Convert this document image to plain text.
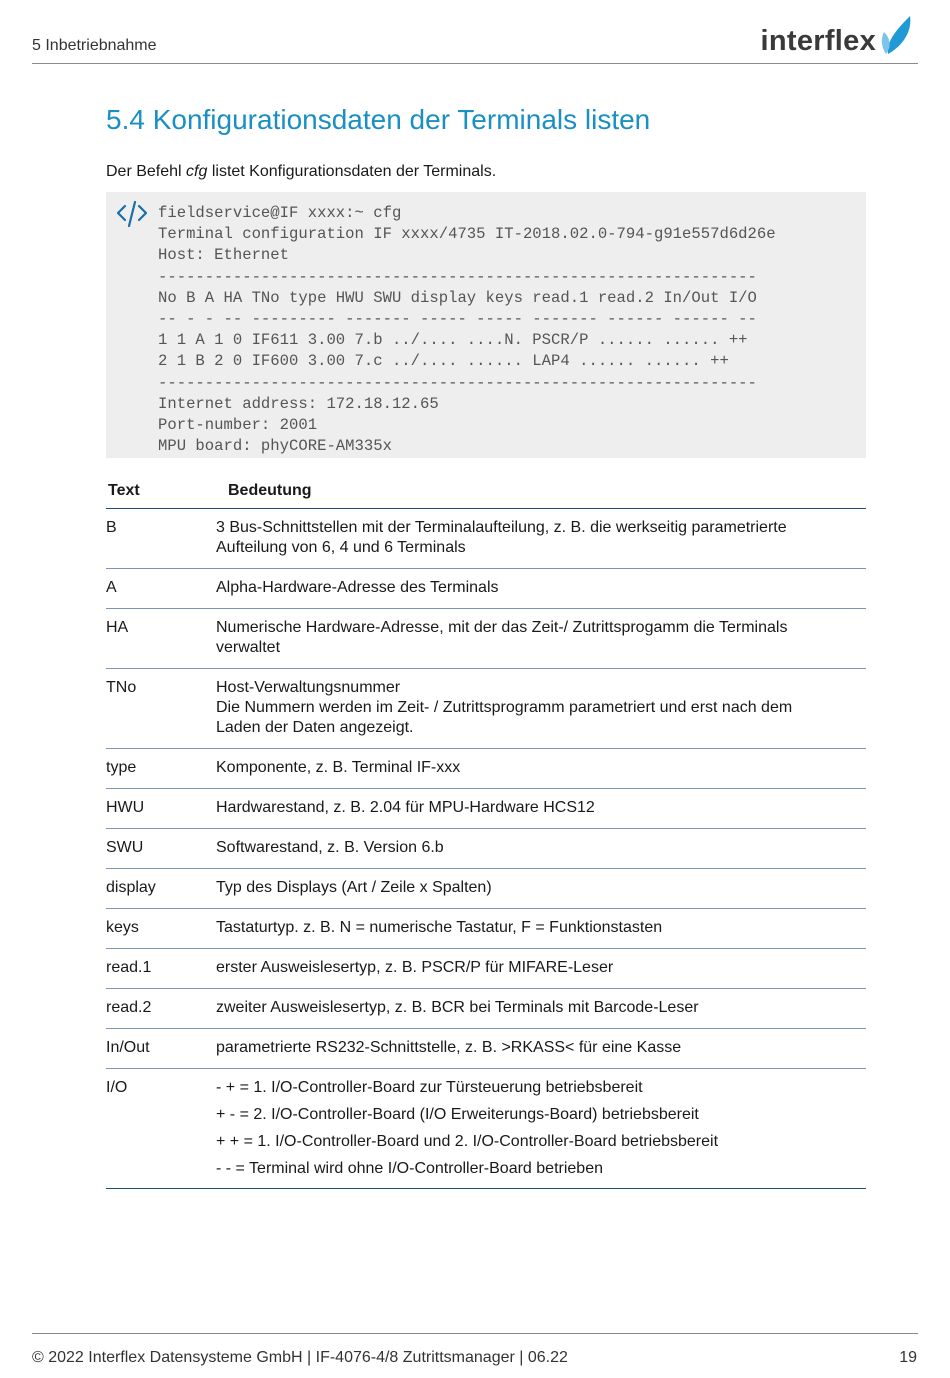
5 Inbetriebnahme	interflex
5.4 Konfigurationsdaten der Terminals listen
Der Befehl cfg listet Konfigurationsdaten der Terminals.
fieldservice@IF xxxx:~ cfg
Terminal configuration IF xxxx/4735 IT-2018.02.0-794-g91e557d6d26e
Host: Ethernet
----------------------------------------------------------------
No B A HA TNo type HWU SWU display keys read.1 read.2 In/Out I/O
-- - - -- --------- ------- ----- ----- ------- ------ ------ --
1 1 A 1 0 IF611 3.00 7.b ../.... ....N. PSCR/P ...... ...... ++
2 1 B 2 0 IF600 3.00 7.c ../.... ...... LAP4 ...... ...... ++
----------------------------------------------------------------
Internet address: 172.18.12.65
Port-number: 2001
MPU board: phyCORE-AM335x
Text	Bedeutung
B	3 Bus-Schnittstellen mit der Terminalaufteilung, z. B. die werkseitig parametrierte
Aufteilung von 6, 4 und 6 Terminals

A	Alpha-Hardware-Adresse des Terminals

HA	Numerische Hardware-Adresse, mit der das Zeit-/ Zutrittsprogamm die Terminals
verwaltet

TNo	Host-Verwaltungsnummer
Die Nummern werden im Zeit- / Zutrittsprogramm parametriert und erst nach dem
Laden der Daten angezeigt.

type	Komponente, z. B. Terminal IF-xxx

HWU	Hardwarestand, z. B. 2.04 für MPU-Hardware HCS12

SWU	Softwarestand, z. B. Version 6.b

display	Typ des Displays (Art / Zeile x Spalten)

keys	Tastaturtyp. z. B. N = numerische Tastatur, F = Funktionstasten

read.1	erster Ausweislesertyp, z. B. PSCR/P für MIFARE-Leser

read.2	zweiter Ausweislesertyp, z. B. BCR bei Terminals mit Barcode-Leser

In/Out	parametrierte RS232-Schnittstelle, z. B. >RKASS< für eine Kasse

I/O	- + = 1. I/O-Controller-Board zur Türsteuerung betriebsbereit
+ - = 2. I/O-Controller-Board (I/O Erweiterungs-Board) betriebsbereit
+ + = 1. I/O-Controller-Board und 2. I/O-Controller-Board betriebsbereit
- - = Terminal wird ohne I/O-Controller-Board betrieben
© 2022 Interflex Datensysteme GmbH | IF-4076-4/8 Zutrittsmanager | 06.22	19
